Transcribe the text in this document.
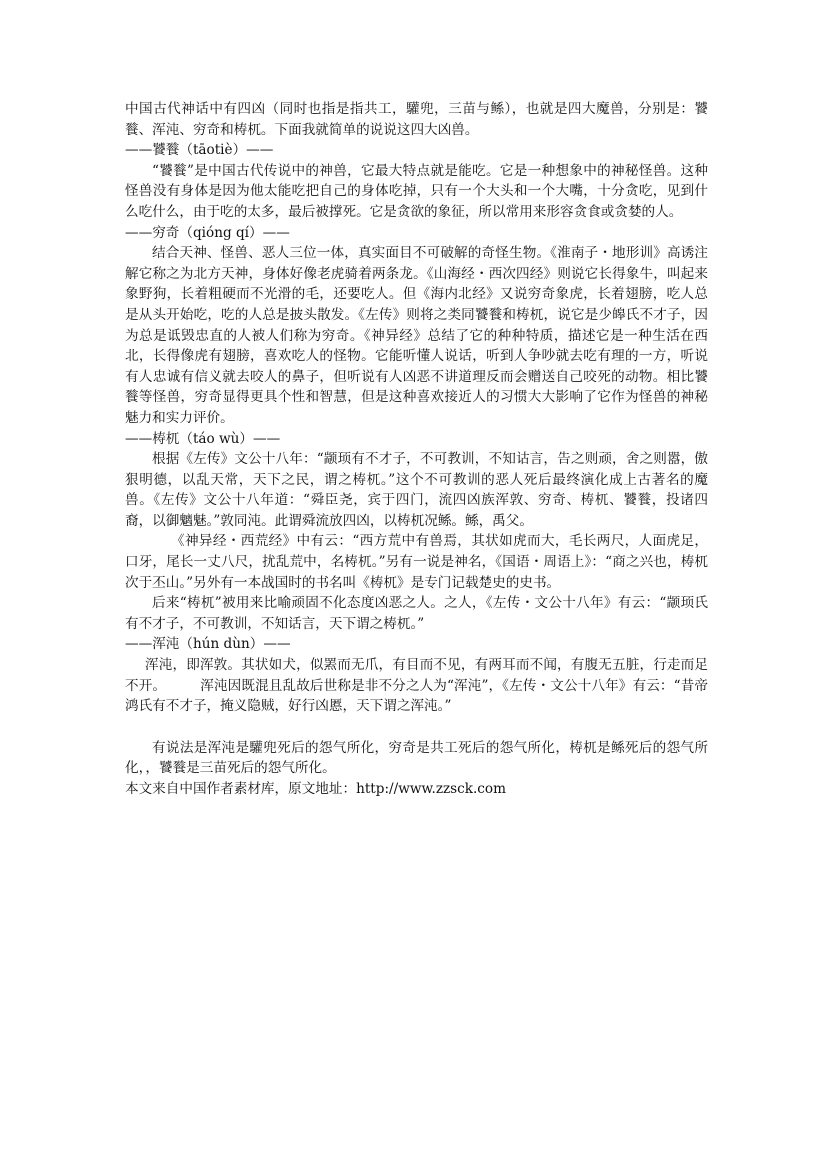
中国古代神话中有四凶（同时也指是指共工，驩兜，三苗与鲧），也就是四大魔兽，分别是：饕餮、浑沌、穷奇和梼杌。下面我就简单的说说这四大凶兽。

——饕餮（tāotiè）——

“饕餮”是中国古代传说中的神兽，它最大特点就是能吃。它是一种想象中的神秘怪兽。这种怪兽没有身体是因为他太能吃把自己的身体吃掉，只有一个大头和一个大嘴，十分贪吃，见到什么吃什么，由于吃的太多，最后被撑死。它是贪欲的象征，所以常用来形容贪食或贪婪的人。

——穷奇（qióng qí）——

结合天神、怪兽、恶人三位一体，真实面目不可破解的奇怪生物。《淮南子・地形训》高诱注解它称之为北方天神，身体好像老虎骑着两条龙。《山海经・西次四经》则说它长得象牛，叫起来象野狗，长着粗硬而不光滑的毛，还要吃人。但《海内北经》又说穷奇象虎，长着翅膀，吃人总是从头开始吃，吃的人总是披头散发。《左传》则将之类同饕餮和梼杌，说它是少皞氏不才子，因为总是诋毁忠直的人被人们称为穷奇。《神异经》总结了它的种种特质，描述它是一种生活在西北，长得像虎有翅膀，喜欢吃人的怪物。它能听懂人说话，听到人争吵就去吃有理的一方，听说有人忠诚有信义就去咬人的鼻子，但听说有人凶恶不讲道理反而会赠送自己咬死的动物。相比饕餮等怪兽，穷奇显得更具个性和智慧，但是这种喜欢接近人的习惯大大影响了它作为怪兽的神秘魅力和实力评价。

——梼杌（táo wù）——

根据《左传》文公十八年：“颛顼有不才子，不可教训，不知诂言，告之则顽，舍之则嚣，傲狠明德，以乱天常，天下之民，谓之梼杌。”这个不可教训的恶人死后最终演化成上古著名的魔兽。《左传》文公十八年道：“舜臣尧，宾于四门，流四凶族浑敦、穷奇、梼杌、饕餮，投诸四裔，以御魑魅。”敦同沌。此谓舜流放四凶，以梼杌况鲧。鲧，禹父。

《神异经・西荒经》中有云：“西方荒中有兽焉，其状如虎而大，毛长两尺，人面虎足，口牙，尾长一丈八尺，扰乱荒中，名梼杌。”另有一说是神名，《国语・周语上》：“商之兴也，梼杌次于丕山。”另外有一本战国时的书名叫《梼杌》是专门记载楚史的史书。

后来“梼杌”被用来比喻顽固不化态度凶恶之人。之人，《左传・文公十八年》有云：“颛顼氏有不才子，不可教训，不知话言，天下谓之梼杌。”

——浑沌（hún dùn）——

浑沌，即浑敦。其状如犬，似罴而无爪，有目而不见，有两耳而不闻，有腹无五脏，行走而足不开。	浑沌因既混且乱故后世称是非不分之人为“浑沌”，《左传・文公十八年》有云：“昔帝鸿氏有不才子，掩义隐贼，好行凶慝，天下谓之浑沌。”

有说法是浑沌是驩兜死后的怨气所化，穷奇是共工死后的怨气所化，梼杌是鲧死后的怨气所化，，饕餮是三苗死后的怨气所化。

本文来自中国作者素材库，原文地址：http://www.zzsck.com
